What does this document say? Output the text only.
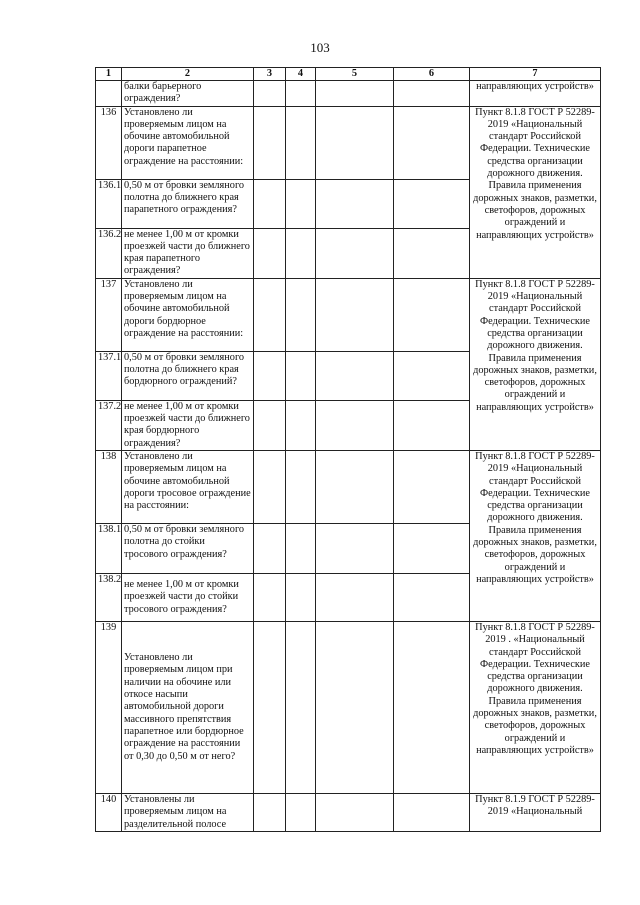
103
1	2	3	4	5	6	7
	балки барьерного ограждения?					направляющих устройств»
136	Установлено ли проверяемым лицом на обочине автомобильной дороги парапетное ограждение на расстоянии:					Пункт 8.1.8 ГОСТ Р 52289-2019 «Национальный стандарт Российской Федерации. Технические средства организации дорожного движения. Правила применения дорожных знаков, разметки, светофоров, дорожных ограждений и направляющих устройств»
136.1	0,50 м от бровки земляного полотна до ближнего края парапетного ограждения?					
136.2	не менее 1,00 м от кромки проезжей части до ближнего края парапетного ограждения?					
137	Установлено ли проверяемым лицом на обочине автомобильной дороги бордюрное ограждение на расстоянии:					Пункт 8.1.8 ГОСТ Р 52289-2019 «Национальный стандарт Российской Федерации. Технические средства организации дорожного движения. Правила применения дорожных знаков, разметки, светофоров, дорожных ограждений и направляющих устройств»
137.1	0,50 м от бровки земляного полотна до ближнего края бордюрного ограждений?					
137.2	не менее 1,00 м от кромки проезжей части до ближнего края бордюрного ограждения?					
138	Установлено ли проверяемым лицом на обочине автомобильной дороги тросовое ограждение на расстоянии:					Пункт 8.1.8 ГОСТ Р 52289-2019 «Национальный стандарт Российской Федерации. Технические средства организации дорожного движения. Правила применения дорожных знаков, разметки, светофоров, дорожных ограждений и направляющих устройств»
138.1	0,50 м от бровки земляного полотна до стойки тросового ограждения?					
138.2	не менее 1,00 м от кромки проезжей части до стойки тросового ограждения?					
139	Установлено ли проверяемым лицом при наличии на обочине или откосе насыпи автомобильной дороги массивного препятствия парапетное или бордюрное ограждение на расстоянии от 0,30 до 0,50 м от него?					Пункт 8.1.8 ГОСТ Р 52289-2019 . «Национальный стандарт Российской Федерации. Технические средства организации дорожного движения. Правила применения дорожных знаков, разметки, светофоров, дорожных ограждений и направляющих устройств»
140	Установлены ли проверяемым лицом на разделительной полосе					Пункт 8.1.9 ГОСТ Р 52289-2019 «Национальный
